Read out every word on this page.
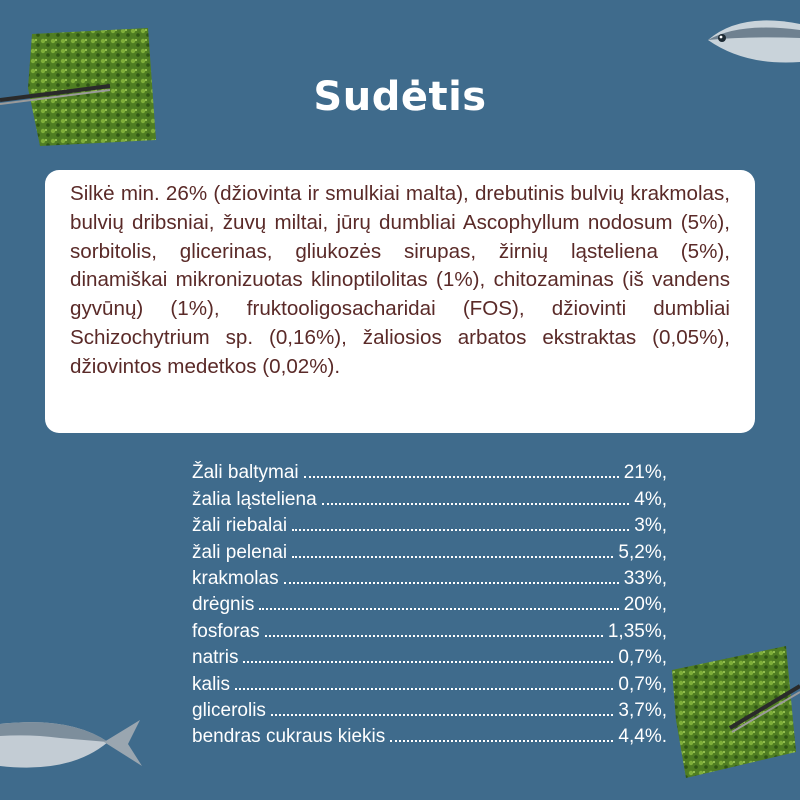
Sudėtis

Silkė min. 26% (džiovinta ir smulkiai malta), drebutinis bulvių krakmolas, bulvių dribsniai, žuvų miltai, jūrų dumbliai Ascophyllum nodosum (5%), sorbitolis, glicerinas, gliukozės sirupas, žirnių ląsteliena (5%), dinamiškai mikronizuotas klinoptilolitas (1%), chitozaminas (iš vandens gyvūnų) (1%), fruktooligosacharidai (FOS), džiovinti dumbliai Schizochytrium sp. (0,16%), žaliosios arbatos ekstraktas (0,05%), džiovintos medetkos (0,02%).

Žali baltymai	21%,
žalia ląsteliena	4%,
žali riebalai	3%,
žali pelenai	5,2%,
krakmolas	33%,
drėgnis	20%,
fosforas	1,35%,
natris	0,7%,
kalis	0,7%,
glicerolis	3,7%,
bendras cukraus kiekis	4,4%.
